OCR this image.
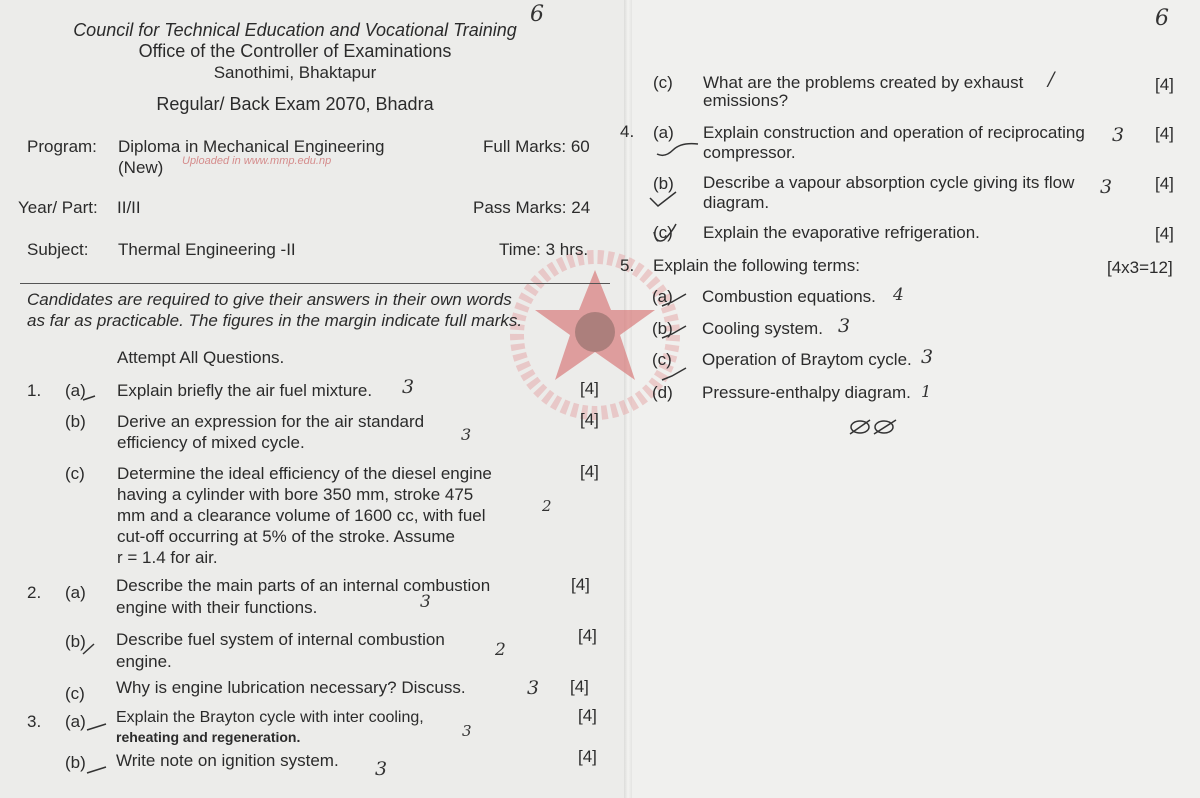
Uploaded in www.mmp.edu.np
Council for Technical Education and Vocational Training
Office of the Controller of Examinations
Sanothimi, Bhaktapur
Regular/ Back Exam 2070, Bhadra
6
Program: Diploma in Mechanical Engineering
(New)
Full Marks: 60
Year/ Part: II/II	Pass Marks: 24
Subject: Thermal Engineering -II	Time: 3 hrs.
Candidates are required to give their answers in their own words
as far as practicable. The figures in the margin indicate full marks.
Attempt All Questions.
1. (a) Explain briefly the air fuel mixture.	[4]
3
(b) Derive an expression for the air standard
efficiency of mixed cycle.
[4]
3
(c) Determine the ideal efficiency of the diesel engine
having a cylinder with bore 350 mm, stroke 475
mm and a clearance volume of 1600 cc, with fuel
cut-off occurring at 5% of the stroke. Assume
r = 1.4 for air.
[4]
2
2. (a) Describe the main parts of an internal combustion
engine with their functions.
[4]
3
(b) Describe fuel system of internal combustion
engine.
[4]
2
(c) Why is engine lubrication necessary? Discuss.	[4]
3
3. (a) Explain the Brayton cycle with inter cooling,
reheating and regeneration.
[4]
3
(b) Write note on ignition system.	[4]
3
6
(c) What are the problems created by exhaust
emissions?
[4]
/
4. (a) Explain construction and operation of reciprocating
compressor.
[4]
3
(b) Describe a vapour absorption cycle giving its flow
diagram.
[4]
3
(c) Explain the evaporative refrigeration.	[4]
5. Explain the following terms:	[4x3=12]
(a) Combustion equations. 4
(b) Cooling system. 3
(c) Operation of Braytom cycle. 3
(d) Pressure-enthalpy diagram. 1
